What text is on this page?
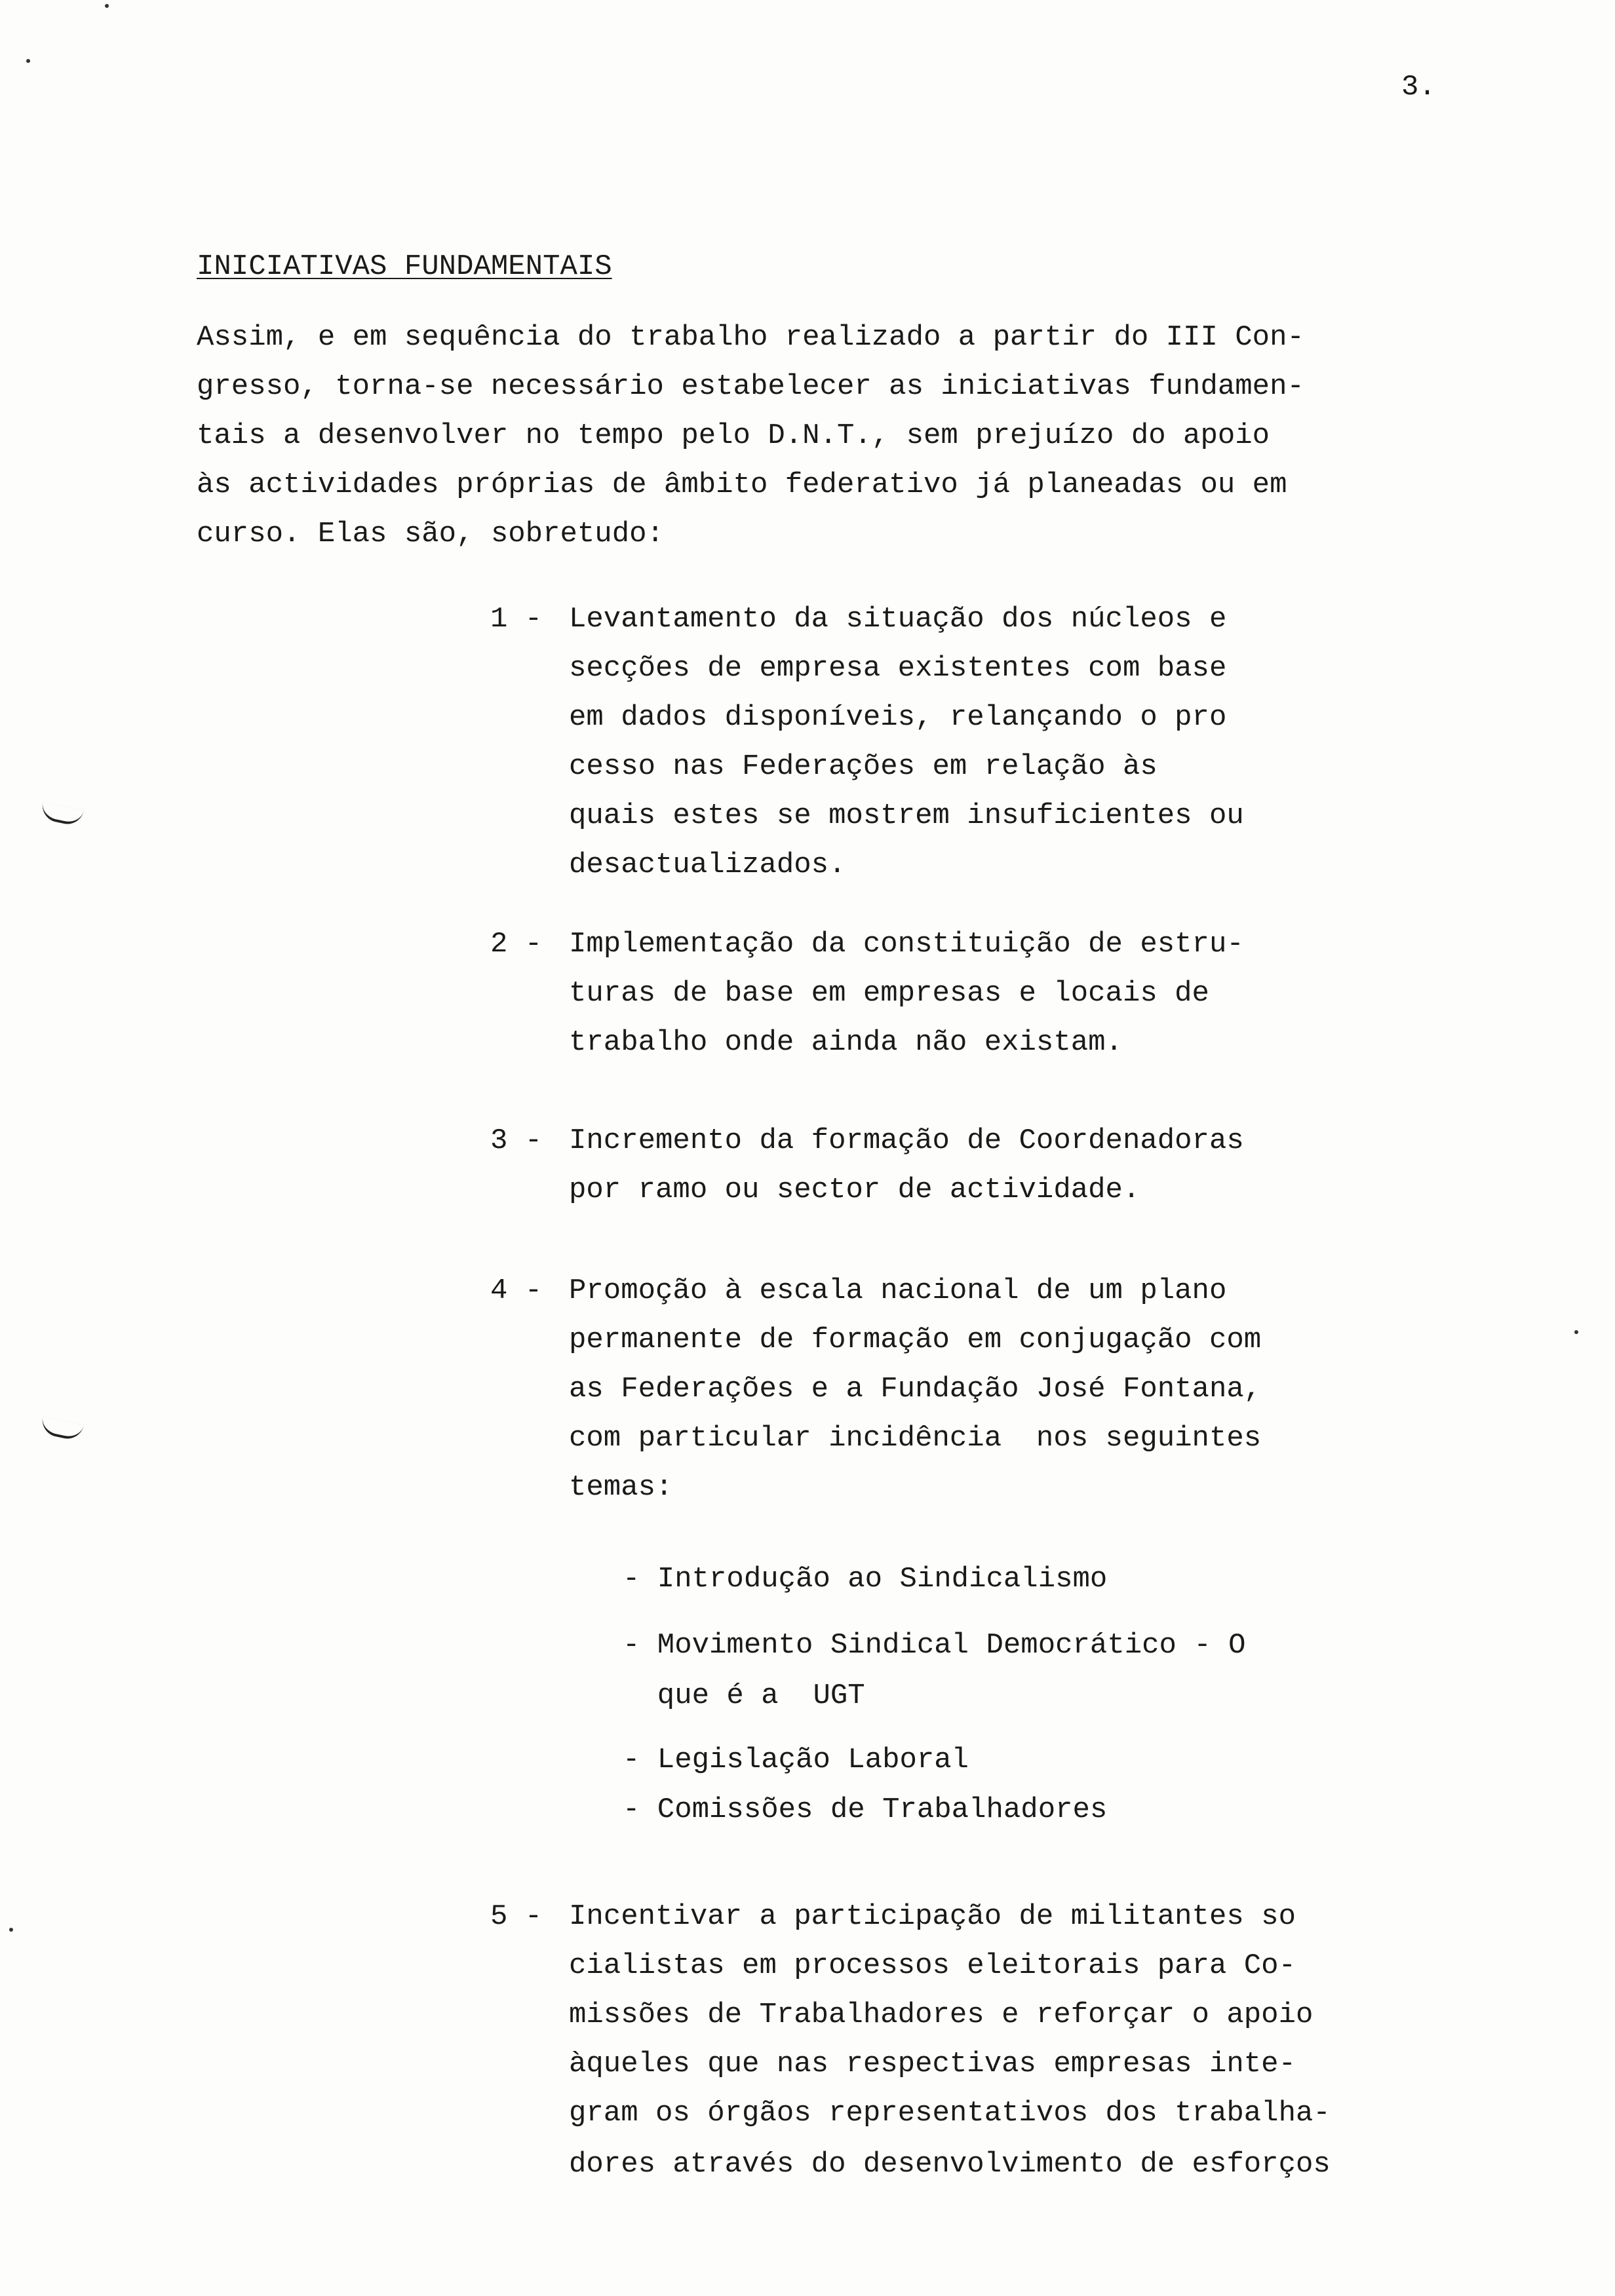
3.
INICIATIVAS FUNDAMENTAIS
Assim, e em sequência do trabalho realizado a partir do III Con-
gresso, torna-se necessário estabelecer as iniciativas fundamen-
tais a desenvolver no tempo pelo D.N.T., sem prejuízo do apoio
às actividades próprias de âmbito federativo já planeadas ou em
curso. Elas são, sobretudo:

1 -

Levantamento da situação dos núcleos e

secções de empresa existentes com base

em dados disponíveis, relançando o pro

cesso nas Federações em relação às

quais estes se mostrem insuficientes ou

desactualizados.

2 -

Implementação da constituição de estru-

turas de base em empresas e locais de

trabalho onde ainda não existam.

3 -

Incremento da formação de Coordenadoras

por ramo ou sector de actividade.

4 -

Promoção à escala nacional de um plano

permanente de formação em conjugação com

as Federações e a Fundação José Fontana,

com particular incidência  nos seguintes

temas:

- Introdução ao Sindicalismo
- Movimento Sindical Democrático - O
que é a  UGT
- Legislação Laboral
- Comissões de Trabalhadores

5 -

Incentivar a participação de militantes so

cialistas em processos eleitorais para Co-

missões de Trabalhadores e reforçar o apoio

àqueles que nas respectivas empresas inte-

gram os órgãos representativos dos trabalha-

dores através do desenvolvimento de esforços
